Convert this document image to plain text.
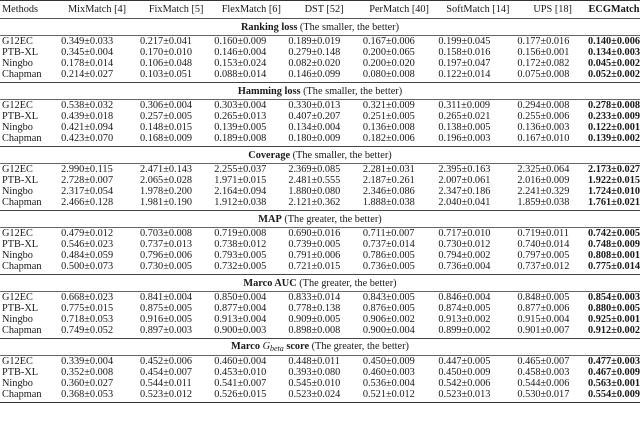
Methods	MixMatch [4]	FixMatch [5]	FlexMatch [6]	DST [52]	PerMatch [40]	SoftMatch [14]	UPS [18]	ECGMatch
Ranking loss (The smaller, the better)								
G12EC	0.349±0.033	0.217±0.041	0.160±0.009	0.189±0.019	0.167±0.006	0.199±0.045	0.177±0.016	0.140±0.006
PTB-XL	0.345±0.004	0.170±0.010	0.146±0.004	0.279±0.148	0.200±0.065	0.158±0.016	0.156±0.001	0.134±0.003
Ningbo	0.178±0.014	0.106±0.048	0.153±0.024	0.082±0.020	0.200±0.020	0.197±0.047	0.172±0.082	0.045±0.002
Chapman	0.214±0.027	0.103±0.051	0.088±0.014	0.146±0.099	0.080±0.008	0.122±0.014	0.075±0.008	0.052±0.002
Hamming loss (The smaller, the better)								
G12EC	0.538±0.032	0.306±0.004	0.303±0.004	0.330±0.013	0.321±0.009	0.311±0.009	0.294±0.008	0.278±0.008
PTB-XL	0.439±0.018	0.257±0.005	0.265±0.013	0.407±0.207	0.251±0.005	0.265±0.021	0.255±0.006	0.233±0.009
Ningbo	0.421±0.094	0.148±0.015	0.139±0.005	0.134±0.004	0.136±0.008	0.138±0.005	0.136±0.003	0.122±0.001
Chapman	0.423±0.070	0.168±0.009	0.189±0.008	0.180±0.009	0.182±0.006	0.196±0.003	0.167±0.010	0.139±0.002
Coverage (The smaller, the better)								
G12EC	2.990±0.115	2.471±0.143	2.255±0.037	2.369±0.085	2.281±0.031	2.395±0.163	2.325±0.064	2.173±0.027
PTB-XL	2.728±0.007	2.065±0.028	1.971±0.015	2.481±0.555	2.187±0.261	2.007±0.061	2.016±0.009	1.922±0.015
Ningbo	2.317±0.054	1.978±0.200	2.164±0.094	1.880±0.080	2.346±0.086	2.347±0.186	2.241±0.329	1.724±0.010
Chapman	2.466±0.128	1.981±0.190	1.912±0.038	2.121±0.362	1.888±0.038	2.040±0.041	1.859±0.038	1.761±0.021
MAP (The greater, the better)								
G12EC	0.479±0.012	0.703±0.008	0.719±0.008	0.690±0.016	0.711±0.007	0.717±0.010	0.719±0.011	0.742±0.005
PTB-XL	0.546±0.023	0.737±0.013	0.738±0.012	0.739±0.005	0.737±0.014	0.730±0.012	0.740±0.014	0.748±0.009
Ningbo	0.484±0.059	0.796±0.006	0.793±0.005	0.791±0.006	0.786±0.005	0.794±0.002	0.797±0.005	0.808±0.001
Chapman	0.500±0.073	0.730±0.005	0.732±0.005	0.721±0.015	0.736±0.005	0.736±0.004	0.737±0.012	0.775±0.014
Marco AUC (The greater, the better)								
G12EC	0.668±0.023	0.841±0.004	0.850±0.004	0.833±0.014	0.843±0.005	0.846±0.004	0.848±0.005	0.854±0.003
PTB-XL	0.775±0.015	0.875±0.005	0.877±0.004	0.778±0.138	0.876±0.005	0.874±0.005	0.877±0.006	0.880±0.005
Ningbo	0.718±0.053	0.916±0.005	0.913±0.004	0.909±0.005	0.906±0.002	0.913±0.002	0.915±0.004	0.925±0.001
Chapman	0.749±0.052	0.897±0.003	0.900±0.003	0.898±0.008	0.900±0.004	0.899±0.002	0.901±0.007	0.912±0.002
Marco $G_{beta}$ score (The greater, the better)								
G12EC	0.339±0.004	0.452±0.006	0.460±0.004	0.448±0.011	0.450±0.009	0.447±0.005	0.465±0.007	0.477±0.003
PTB-XL	0.352±0.008	0.454±0.007	0.453±0.010	0.393±0.080	0.460±0.003	0.450±0.009	0.458±0.003	0.467±0.009
Ningbo	0.360±0.027	0.544±0.011	0.541±0.007	0.545±0.010	0.536±0.004	0.542±0.006	0.544±0.006	0.563±0.001
Chapman	0.368±0.053	0.523±0.012	0.526±0.015	0.523±0.024	0.521±0.012	0.523±0.013	0.530±0.017	0.554±0.009
